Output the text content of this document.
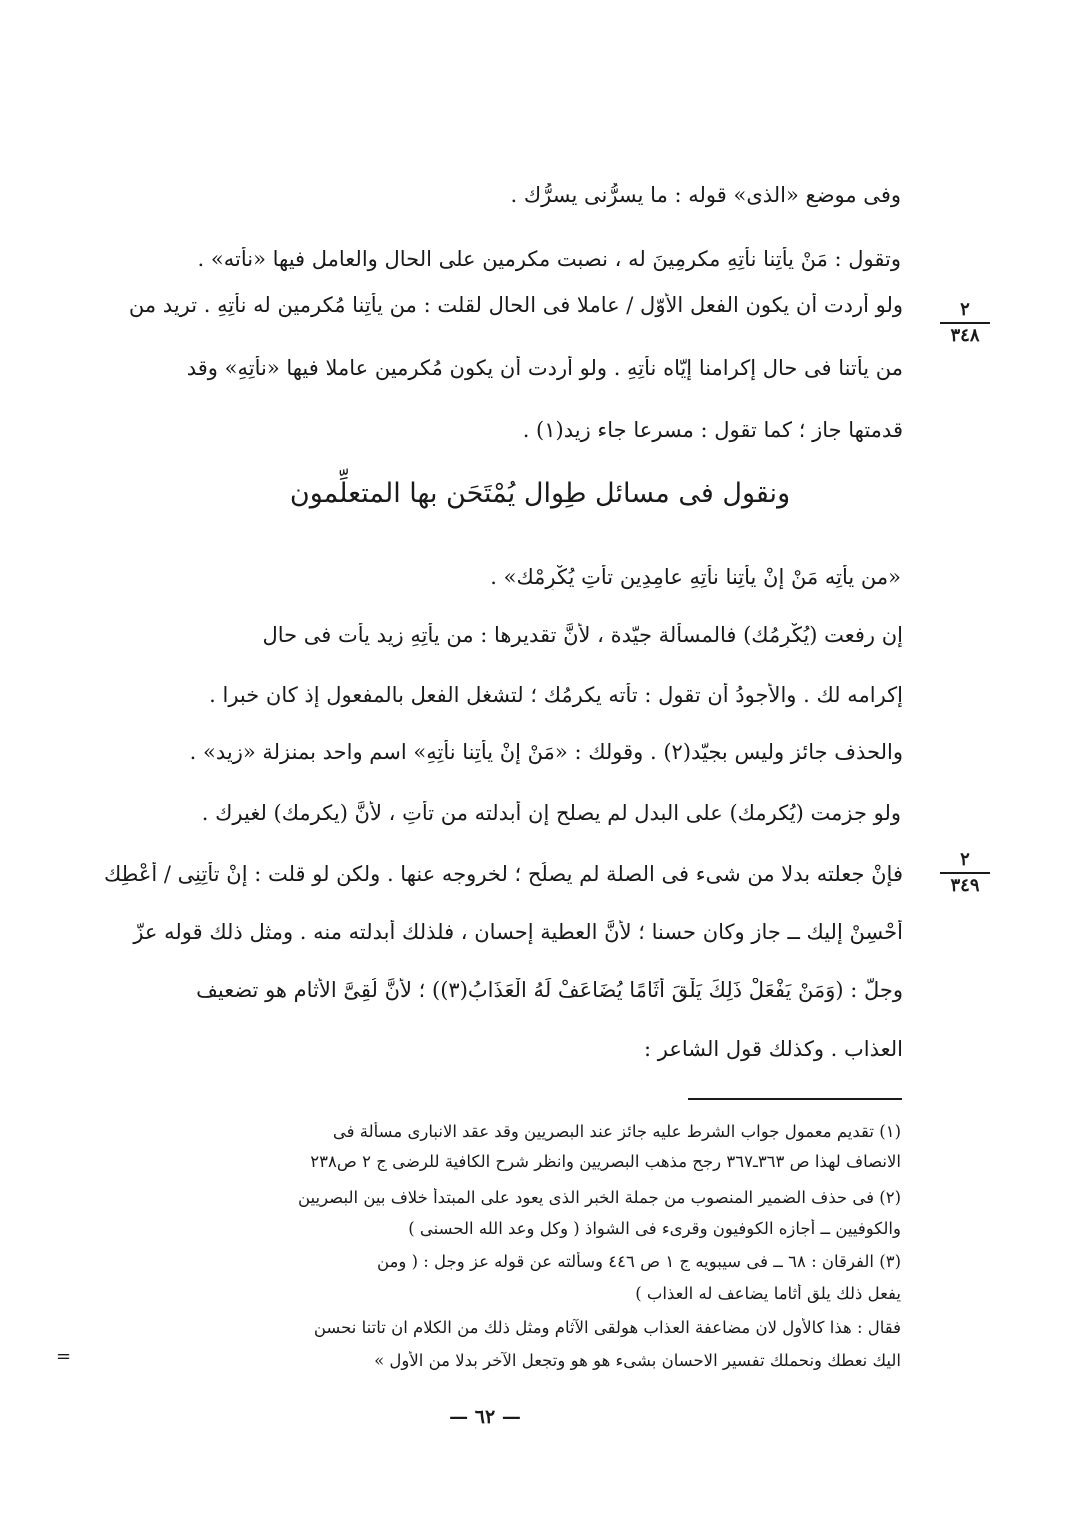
وفى موضع «الذى» قوله : ما يسرُّنى يسرُّك .
وتقول : مَنْ يأتِنا نأتِهِ مكرمِينَ له ، نصبت مكرمين على الحال والعامل فيها «نأته» .
ولو أردت أن يكون الفعل الأوّل / عاملا فى الحال لقلت : من يأتِنا مُكرمين له نأتِهِ . تريد من
من يأتنا فى حال إكرامنا إيّاه نأتِهِ . ولو أردت أن يكون مُكرمين عاملا فيها «نأتِهِ» وقد
قدمتها جاز ؛ كما تقول : مسرعا جاء زيد(١) .
٢
٣٤٨
ونقول فى مسائل طِوال يُمْتَحَن بها المتعلِّمون
«من يأتِه مَنْ إنْ يأتِنا نأتِهِ عامِدِين تأتِ يُكْرِمْك» .
إن رفعت (يُكْرِمُك) فالمسألة جيّدة ، لأنَّ تقديرها : من يأتِهِ زيد يأت فى حال
إكرامه لك . والأجودُ أن تقول : تأته يكرمُك ؛ لتشغل الفعل بالمفعول إذ كان خبرا .
والحذف جائز وليس بجيّد(٢) . وقولك : «مَنْ إنْ يأتِنا نأتِهِ» اسم واحد بمنزلة «زيد» .
ولو جزمت (يُكرمك) على البدل لم يصلح إن أبدلته من تأتِ ، لأنَّ (يكرمك) لغيرك .
فإنْ جعلته بدلا من شىء فى الصلة لم يصلُح ؛ لخروجه عنها . ولكن لو قلت : إنْ تأتِنِى / أُعْطِك
أُحْسِنْ إليك ــ جاز وكان حسنا ؛ لأنَّ العطية إحسان ، فلذلك أبدلته منه . ومثل ذلك قوله عزّ
وجلّ : (وَمَنْ يَفْعَلْ ذَلِكَ يَلْقَ أَثَامًا يُضَاعَفْ لَهُ الْعَذَابُ(٣)) ؛ لأنَّ لُقِىَّ الأثام هو تضعيف
العذاب . وكذلك قول الشاعر :
٢
٣٤٩
(١) تقديم معمول جواب الشرط عليه جائز عند البصريين وقد عقد الانبارى مسألة فى
الانصاف لهذا ص ٣٦٣ـ٣٦٧ رجح مذهب البصريين وانظر شرح الكافية للرضى ج ٢ ص٢٣٨
(٢) فى حذف الضمير المنصوب من جملة الخبر الذى يعود على المبتدأ خلاف بين البصريين
والكوفيين ــ أجازه الكوفيون وقرىء فى الشواذ ( وكل وعد الله الحسنى )
(٣) الفرقان : ٦٨ ــ فى سيبويه ج ١ ص ٤٤٦ وسألته عن قوله عز وجل : ( ومن
يفعل ذلك يلق أثاما يضاعف له العذاب )
فقال : هذا كالأول لان مضاعفة العذاب هولقى الآثام ومثل ذلك من الكلام ان تاتنا نحسن
اليك نعطك ونحملك تفسير الاحسان بشىء هو هو وتجعل الآخر بدلا من الأول »
=
— ٦٢ —
